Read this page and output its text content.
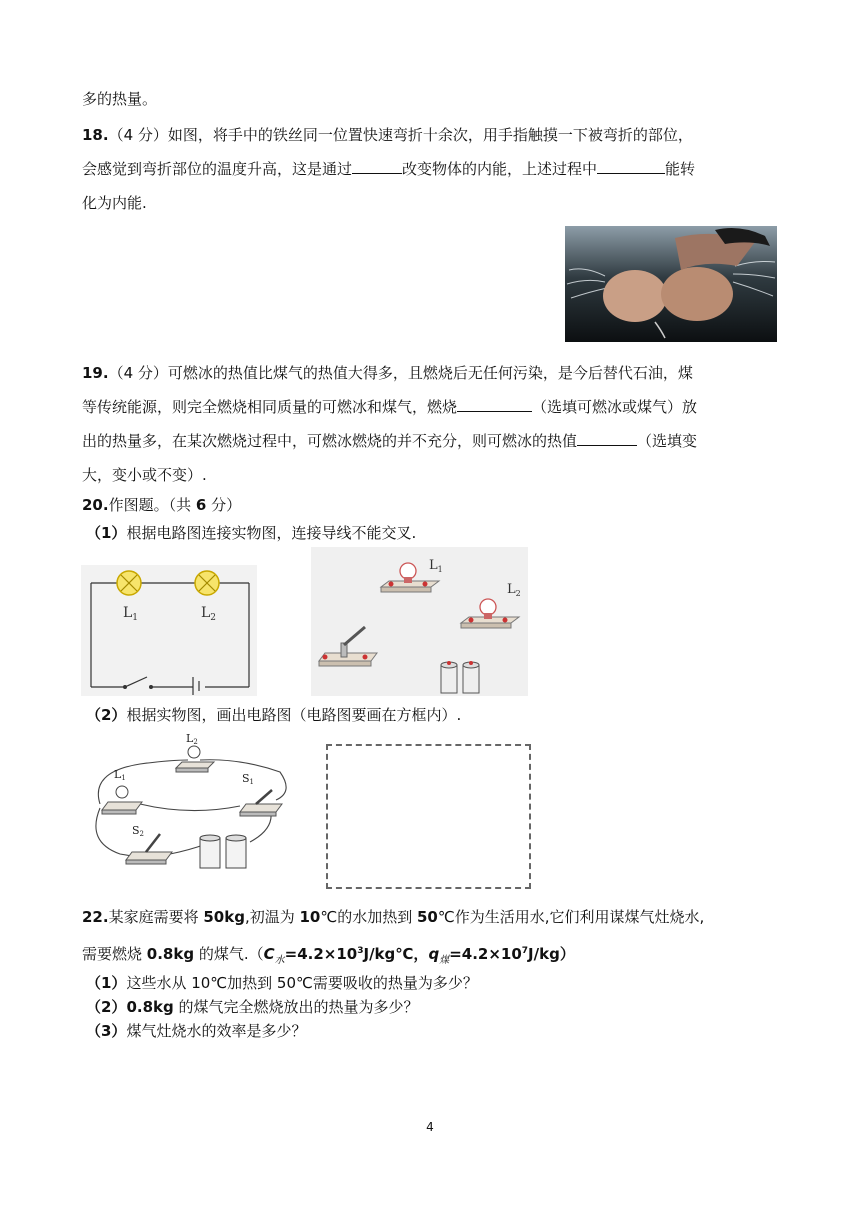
多的热量。
18.（4 分）如图，将手中的铁丝同一位置快速弯折十余次，用手指触摸一下被弯折的部位，
会感觉到弯折部位的温度升高，这是通过	改变物体的内能，上述过程中	能转
化为内能.
19.（4 分）可燃冰的热值比煤气的热值大得多，且燃烧后无任何污染，是今后替代石油，煤
等传统能源，则完全燃烧相同质量的可燃冰和煤气，燃烧	（选填可燃冰或煤气）放
出的热量多，在某次燃烧过程中，可燃冰燃烧的并不充分，则可燃冰的热值	（选填变
大，变小或不变）.
20.作图题。（共 6 分）
（1）根据电路图连接实物图，连接导线不能交叉.
$L_1$	$L_2$
$L_1$
$L_2$
（2）根据实物图，画出电路图（电路图要画在方框内）.
L2
L1	S1
S2
22.某家庭需要将 50kg,初温为 10℃的水加热到 50℃作为生活用水,它们利用谋煤气灶烧水,
需要燃烧 0.8kg 的煤气$.(C_水=4.2\times 10^3J/kg℃$，$q_煤=4.2\times 10^7J/kg$）
（1）这些水从 10℃加热到 50℃需要吸收的热量为多少？
（2）0.8kg 的煤气完全燃烧放出的热量为多少？
（3）煤气灶烧水的效率是多少？
4
